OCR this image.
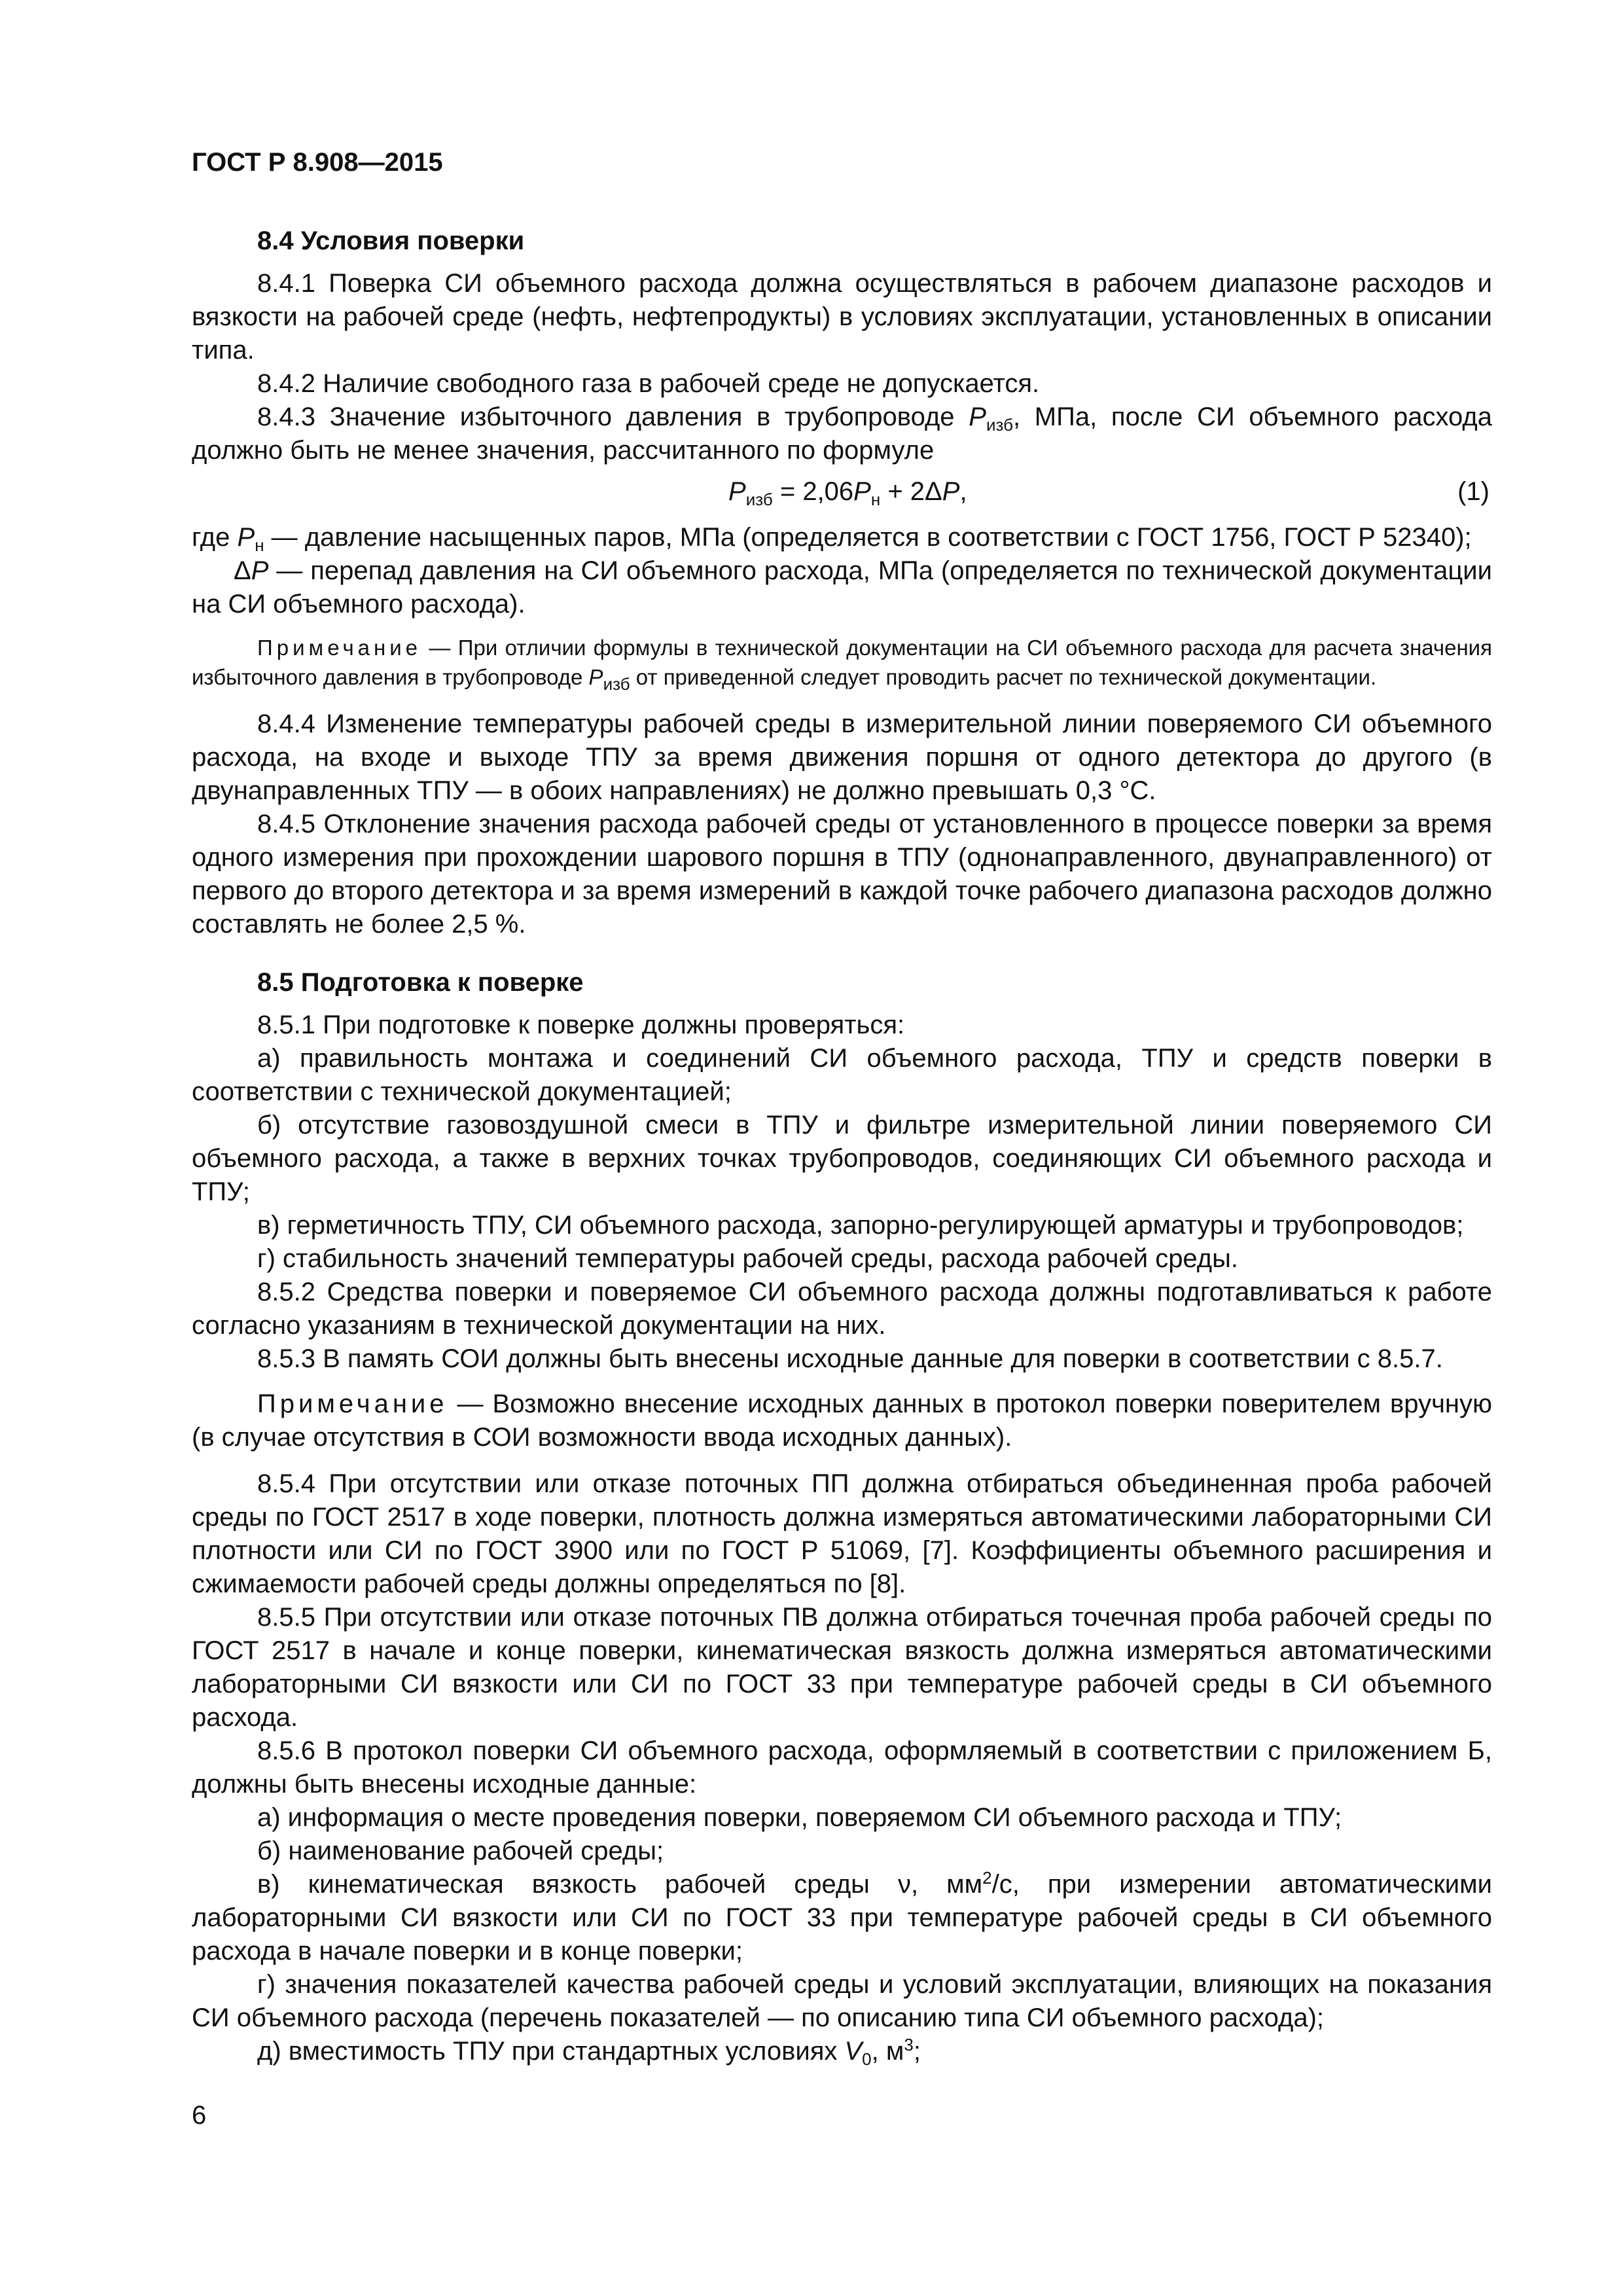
ГОСТ Р 8.908—2015
8.4 Условия поверки

8.4.1 Поверка СИ объемного расхода должна осуществляться в рабочем диапазоне расходов и вязкости на рабочей среде (нефть, нефтепродукты) в условиях эксплуатации, установленных в описании типа.

8.4.2 Наличие свободного газа в рабочей среде не допускается.

8.4.3 Значение избыточного давления в трубопроводе $P_{изб}$, МПа, после СИ объемного расхода должно быть не менее значения, рассчитанного по формуле

$P_{изб} = 2,06P_н + 2\Delta P$,	(1)

где $P_н$ — давление насыщенных паров, МПа (определяется в соответствии с ГОСТ 1756, ГОСТ Р 52340);

ΔP — перепад давления на СИ объемного расхода, МПа (определяется по технической документации на СИ объемного расхода).

Примечание — При отличии формулы в технической документации на СИ объемного расхода для расчета значения избыточного давления в трубопроводе $P_{изб}$ от приведенной следует проводить расчет по технической документации.

8.4.4 Изменение температуры рабочей среды в измерительной линии поверяемого СИ объемного расхода, на входе и выходе ТПУ за время движения поршня от одного детектора до другого (в двунаправленных ТПУ — в обоих направлениях) не должно превышать 0,3 °С.

8.4.5 Отклонение значения расхода рабочей среды от установленного в процессе поверки за время одного измерения при прохождении шарового поршня в ТПУ (однонаправленного, двунаправленного) от первого до второго детектора и за время измерений в каждой точке рабочего диапазона расходов должно составлять не более 2,5 %.

8.5 Подготовка к поверке

8.5.1 При подготовке к поверке должны проверяться:

а) правильность монтажа и соединений СИ объемного расхода, ТПУ и средств поверки в соответствии с технической документацией;

б) отсутствие газовоздушной смеси в ТПУ и фильтре измерительной линии поверяемого СИ объемного расхода, а также в верхних точках трубопроводов, соединяющих СИ объемного расхода и ТПУ;

в) герметичность ТПУ, СИ объемного расхода, запорно-регулирующей арматуры и трубопроводов;

г) стабильность значений температуры рабочей среды, расхода рабочей среды.

8.5.2 Средства поверки и поверяемое СИ объемного расхода должны подготавливаться к работе согласно указаниям в технической документации на них.

8.5.3 В память СОИ должны быть внесены исходные данные для поверки в соответствии с 8.5.7.

Примечание — Возможно внесение исходных данных в протокол поверки поверителем вручную (в случае отсутствия в СОИ возможности ввода исходных данных).

8.5.4 При отсутствии или отказе поточных ПП должна отбираться объединенная проба рабочей среды по ГОСТ 2517 в ходе поверки, плотность должна измеряться автоматическими лабораторными СИ плотности или СИ по ГОСТ 3900 или по ГОСТ Р 51069, [7]. Коэффициенты объемного расширения и сжимаемости рабочей среды должны определяться по [8].

8.5.5 При отсутствии или отказе поточных ПВ должна отбираться точечная проба рабочей среды по ГОСТ 2517 в начале и конце поверки, кинематическая вязкость должна измеряться автоматическими лабораторными СИ вязкости или СИ по ГОСТ 33 при температуре рабочей среды в СИ объемного расхода.

8.5.6 В протокол поверки СИ объемного расхода, оформляемый в соответствии с приложением Б, должны быть внесены исходные данные:

а) информация о месте проведения поверки, поверяемом СИ объемного расхода и ТПУ;

б) наименование рабочей среды;

в) кинематическая вязкость рабочей среды ν, $мм^2/с$, при измерении автоматическими лабораторными СИ вязкости или СИ по ГОСТ 33 при температуре рабочей среды в СИ объемного расхода в начале поверки и в конце поверки;

г) значения показателей качества рабочей среды и условий эксплуатации, влияющих на показания СИ объемного расхода (перечень показателей — по описанию типа СИ объемного расхода);

д) вместимость ТПУ при стандартных условиях $V_0$, $м^3$;

6
